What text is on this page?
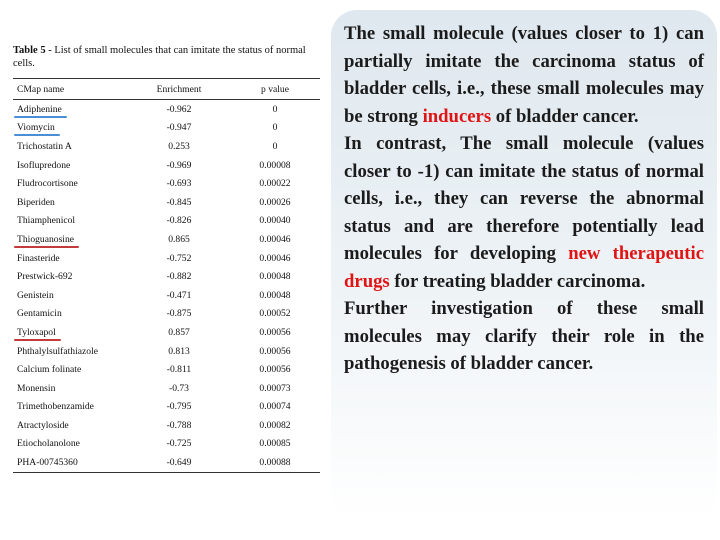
Table 5 - List of small molecules that can imitate the status of normal cells.
CMap name	Enrichment	p value
Adiphenine	-0.962	0
Viomycin	-0.947	0
Trichostatin A	0.253	0
Isoflupredone	-0.969	0.00008
Fludrocortisone	-0.693	0.00022
Biperiden	-0.845	0.00026
Thiamphenicol	-0.826	0.00040
Thioguanosine	0.865	0.00046
Finasteride	-0.752	0.00046
Prestwick-692	-0.882	0.00048
Genistein	-0.471	0.00048
Gentamicin	-0.875	0.00052
Tyloxapol	0.857	0.00056
Phthalylsulfathiazole	0.813	0.00056
Calcium folinate	-0.811	0.00056
Monensin	-0.73	0.00073
Trimethobenzamide	-0.795	0.00074
Atractyloside	-0.788	0.00082
Etiocholanolone	-0.725	0.00085
PHA-00745360	-0.649	0.00088

The small molecule (values closer to 1) can partially imitate the carcinoma status of bladder cells, i.e., these small molecules may be strong inducers of bladder cancer.

In contrast, The small molecule (values closer to -1) can imitate the status of normal cells, i.e., they can reverse the abnormal status and are therefore potentially lead molecules for developing new therapeutic drugs for treating bladder carcinoma.

Further investigation of these small molecules may clarify their role in the pathogenesis of bladder cancer.
